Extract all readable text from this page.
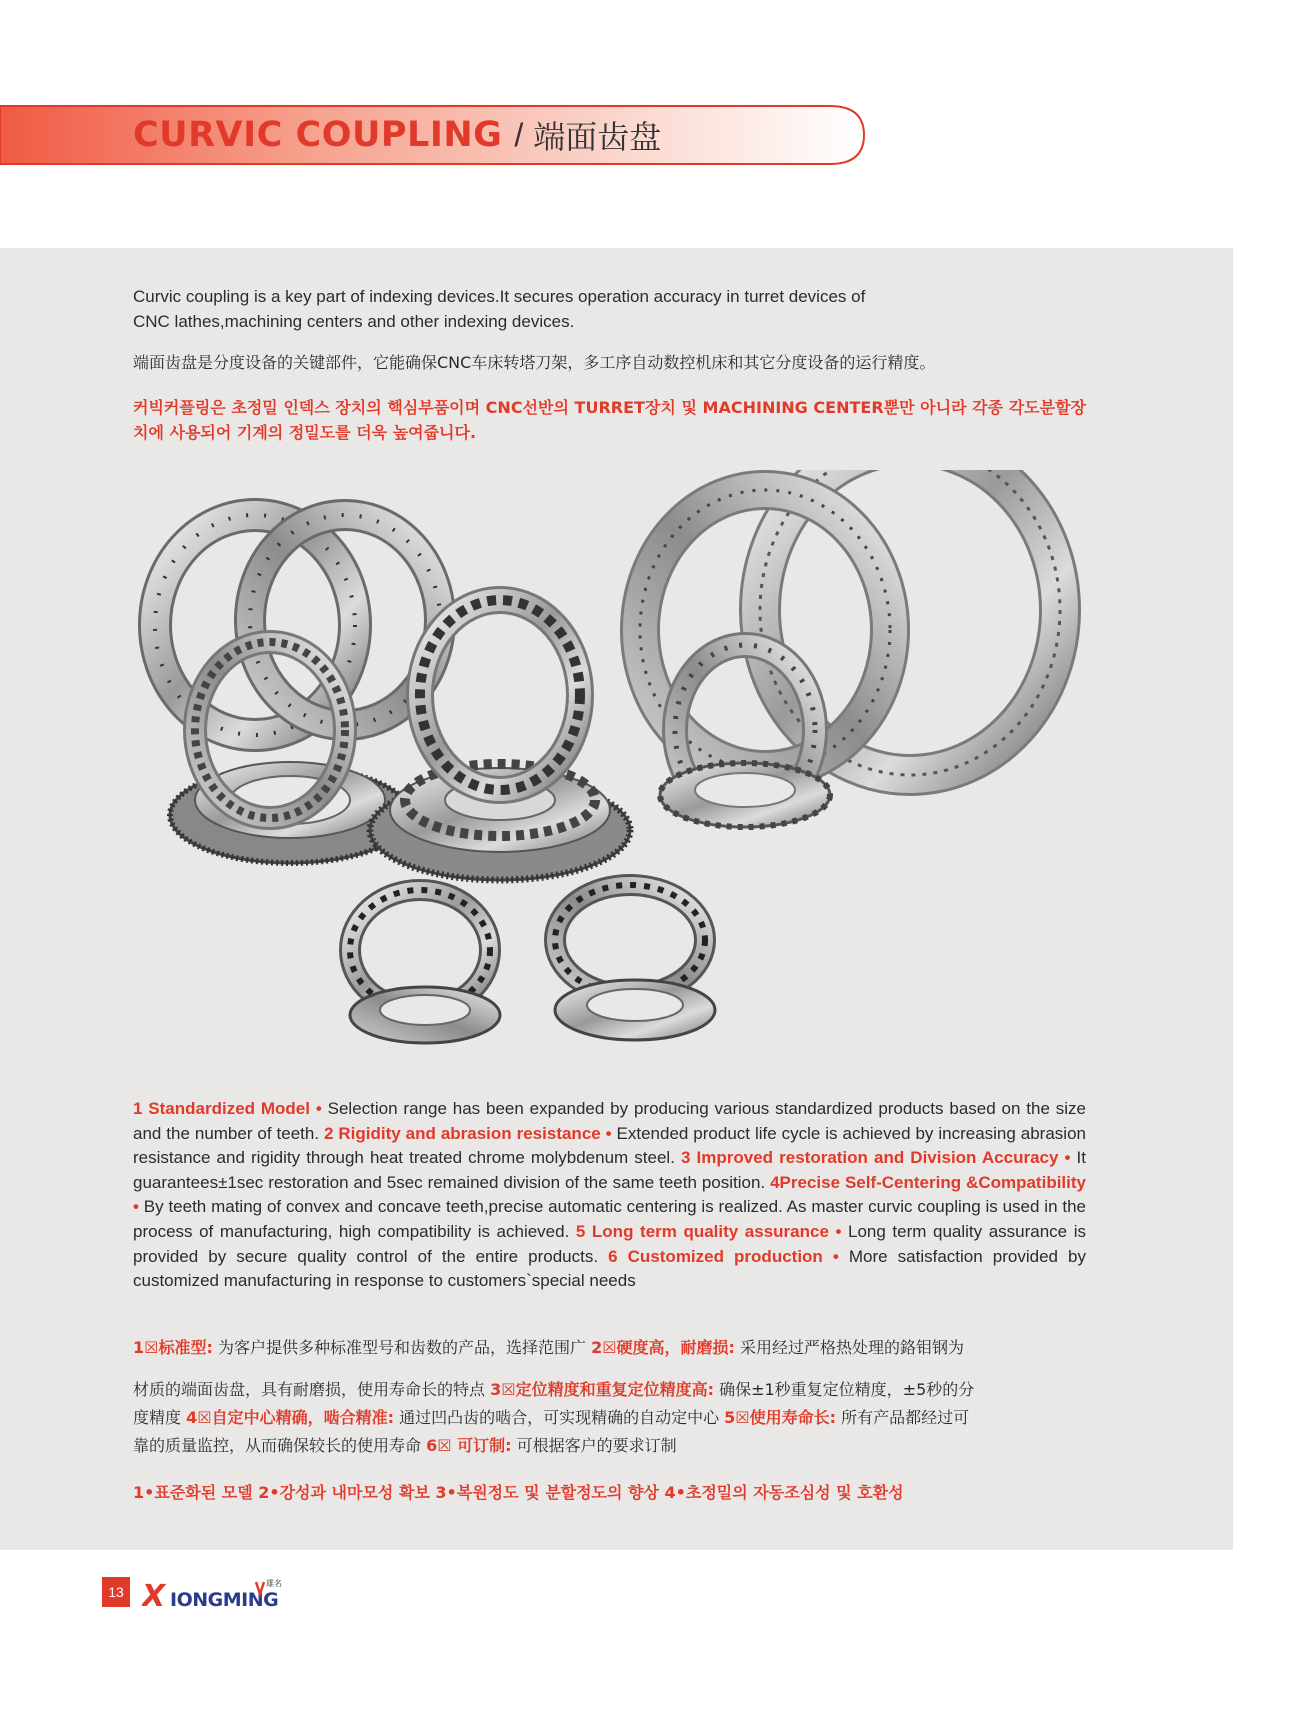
CURVIC COUPLING / 端面齿盘
Curvic coupling is a key part of indexing devices.It secures operation accuracy in turret devices of
CNC lathes,machining centers and other indexing devices.
端面齿盘是分度设备的关键部件，它能确保CNC车床转塔刀架，多工序自动数控机床和其它分度设备的运行精度。
커빅커플링은 초정밀 인덱스 장치의 핵심부품이며 CNC선반의 TURRET장치 및 MACHINING CENTER뿐만 아니라 각종 각도분할장치에 사용되어 기계의 정밀도를 더욱 높여줍니다.
1 Standardized Model • Selection range has been expanded by producing various standardized products based on the size and the number of teeth. 2 Rigidity and abrasion resistance • Extended product life cycle is achieved by increasing abrasion resistance and rigidity through heat treated chrome molybdenum steel. 3 Improved restoration and Division Accuracy • It guarantees±1sec restoration and 5sec remained division of the same teeth position. 4Precise Self-Centering &Compatibility • By teeth mating of convex and concave teeth,precise automatic centering is realized. As master curvic coupling is used in the process of manufacturing, high compatibility is achieved. 5 Long term quality assurance • Long term quality assurance is provided by secure quality control of the entire products. 6 Customized production • More satisfaction provided by customized manufacturing in response to customers`special needs
1☒标准型: 为客户提供多种标准型号和齿数的产品，选择范围广 2☒硬度高，耐磨损: 采用经过严格热处理的鉻钼钢为
材质的端面齿盘，具有耐磨损，使用寿命长的特点 3☒定位精度和重复定位精度高: 确保±1秒重复定位精度，±5秒的分
度精度 4☒自定中心精确，啮合精准: 通过凹凸齿的啮合，可实现精确的自动定中心 5☒使用寿命长: 所有产品都经过可
靠的质量监控，从而确保较长的使用寿命 6☒ 可订制: 可根据客户的要求订制
1•표준화된 모델 2•강성과 내마모성 확보 3•복원정도 및 분할정도의 향상 4•초정밀의 자동조심성 및 호환성
13 X IONGMING
雄名
